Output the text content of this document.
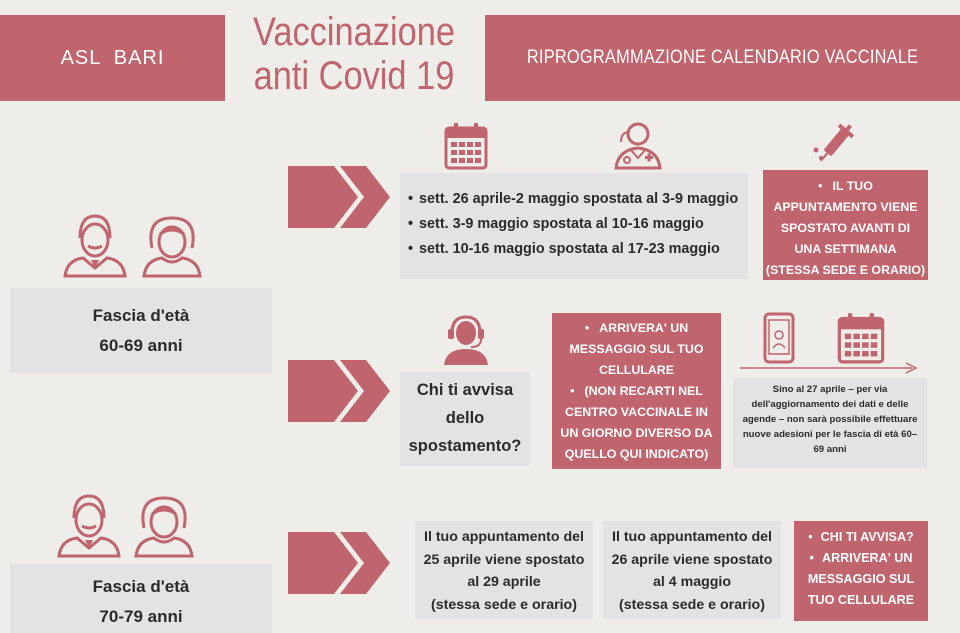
ASL  BARI
Vaccinazione
anti Covid 19	RIPROGRAMMAZIONE CALENDARIO VACCINALE
Fascia d'età
60-69 anni
• sett. 26 aprile-2 maggio spostata al 3-9 maggio
• sett. 3-9 maggio spostata al 10-16 maggio
• sett. 10-16 maggio spostata al 17-23 maggio
• IL TUO
APPUNTAMENTO VIENE
SPOSTATO AVANTI DI
UNA SETTIMANA
(STESSA SEDE E ORARIO)
Chi ti avvisa
dello
spostamento?
• ARRIVERA' UN
MESSAGGIO SUL TUO
CELLULARE
• (NON RECARTI NEL
CENTRO VACCINALE IN
UN GIORNO DIVERSO DA
QUELLO QUI INDICATO)
Sino al 27 aprile – per via
dell'aggiornamento dei dati e delle
agende – non sarà possibile effettuare
nuove adesioni per le fascia di età 60–
69 anni
Fascia d'età
70-79 anni
Il tuo appuntamento del
25 aprile viene spostato
al 29 aprile
(stessa sede e orario)
Il tuo appuntamento del
26 aprile viene spostato
al 4 maggio
(stessa sede e orario)
• CHI TI AVVISA?
• ARRIVERA' UN
MESSAGGIO SUL
TUO CELLULARE
